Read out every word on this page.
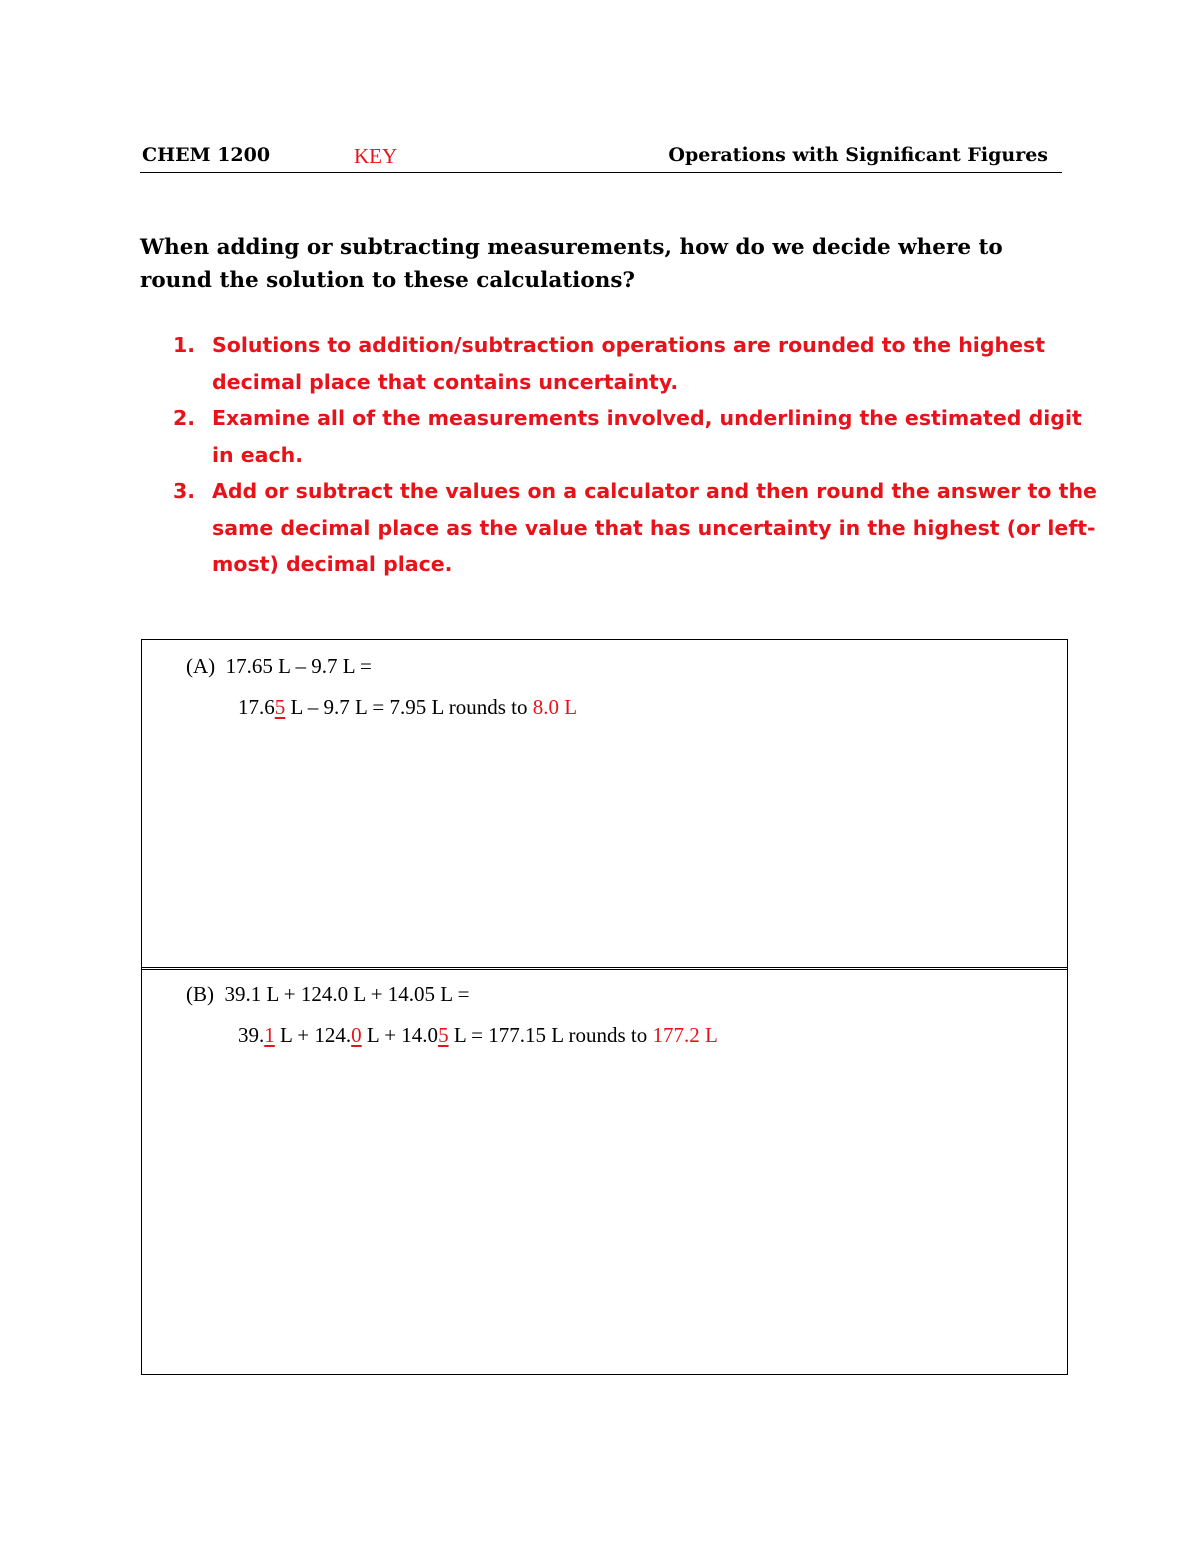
CHEM 1200	KEY	Operations with Significant Figures
When adding or subtracting measurements, how do we decide where to round the solution to these calculations?
1. Solutions to addition/subtraction operations are rounded to the highest decimal place that contains uncertainty.
2. Examine all of the measurements involved, underlining the estimated digit in each.
3. Add or subtract the values on a calculator and then round the answer to the same decimal place as the value that has uncertainty in the highest (or left-most) decimal place.
(A) 17.65 L – 9.7 L =
17.65 L – 9.7 L = 7.95 L rounds to 8.0 L
(B) 39.1 L + 124.0 L + 14.05 L =
39.1 L + 124.0 L + 14.05 L = 177.15 L rounds to 177.2 L
